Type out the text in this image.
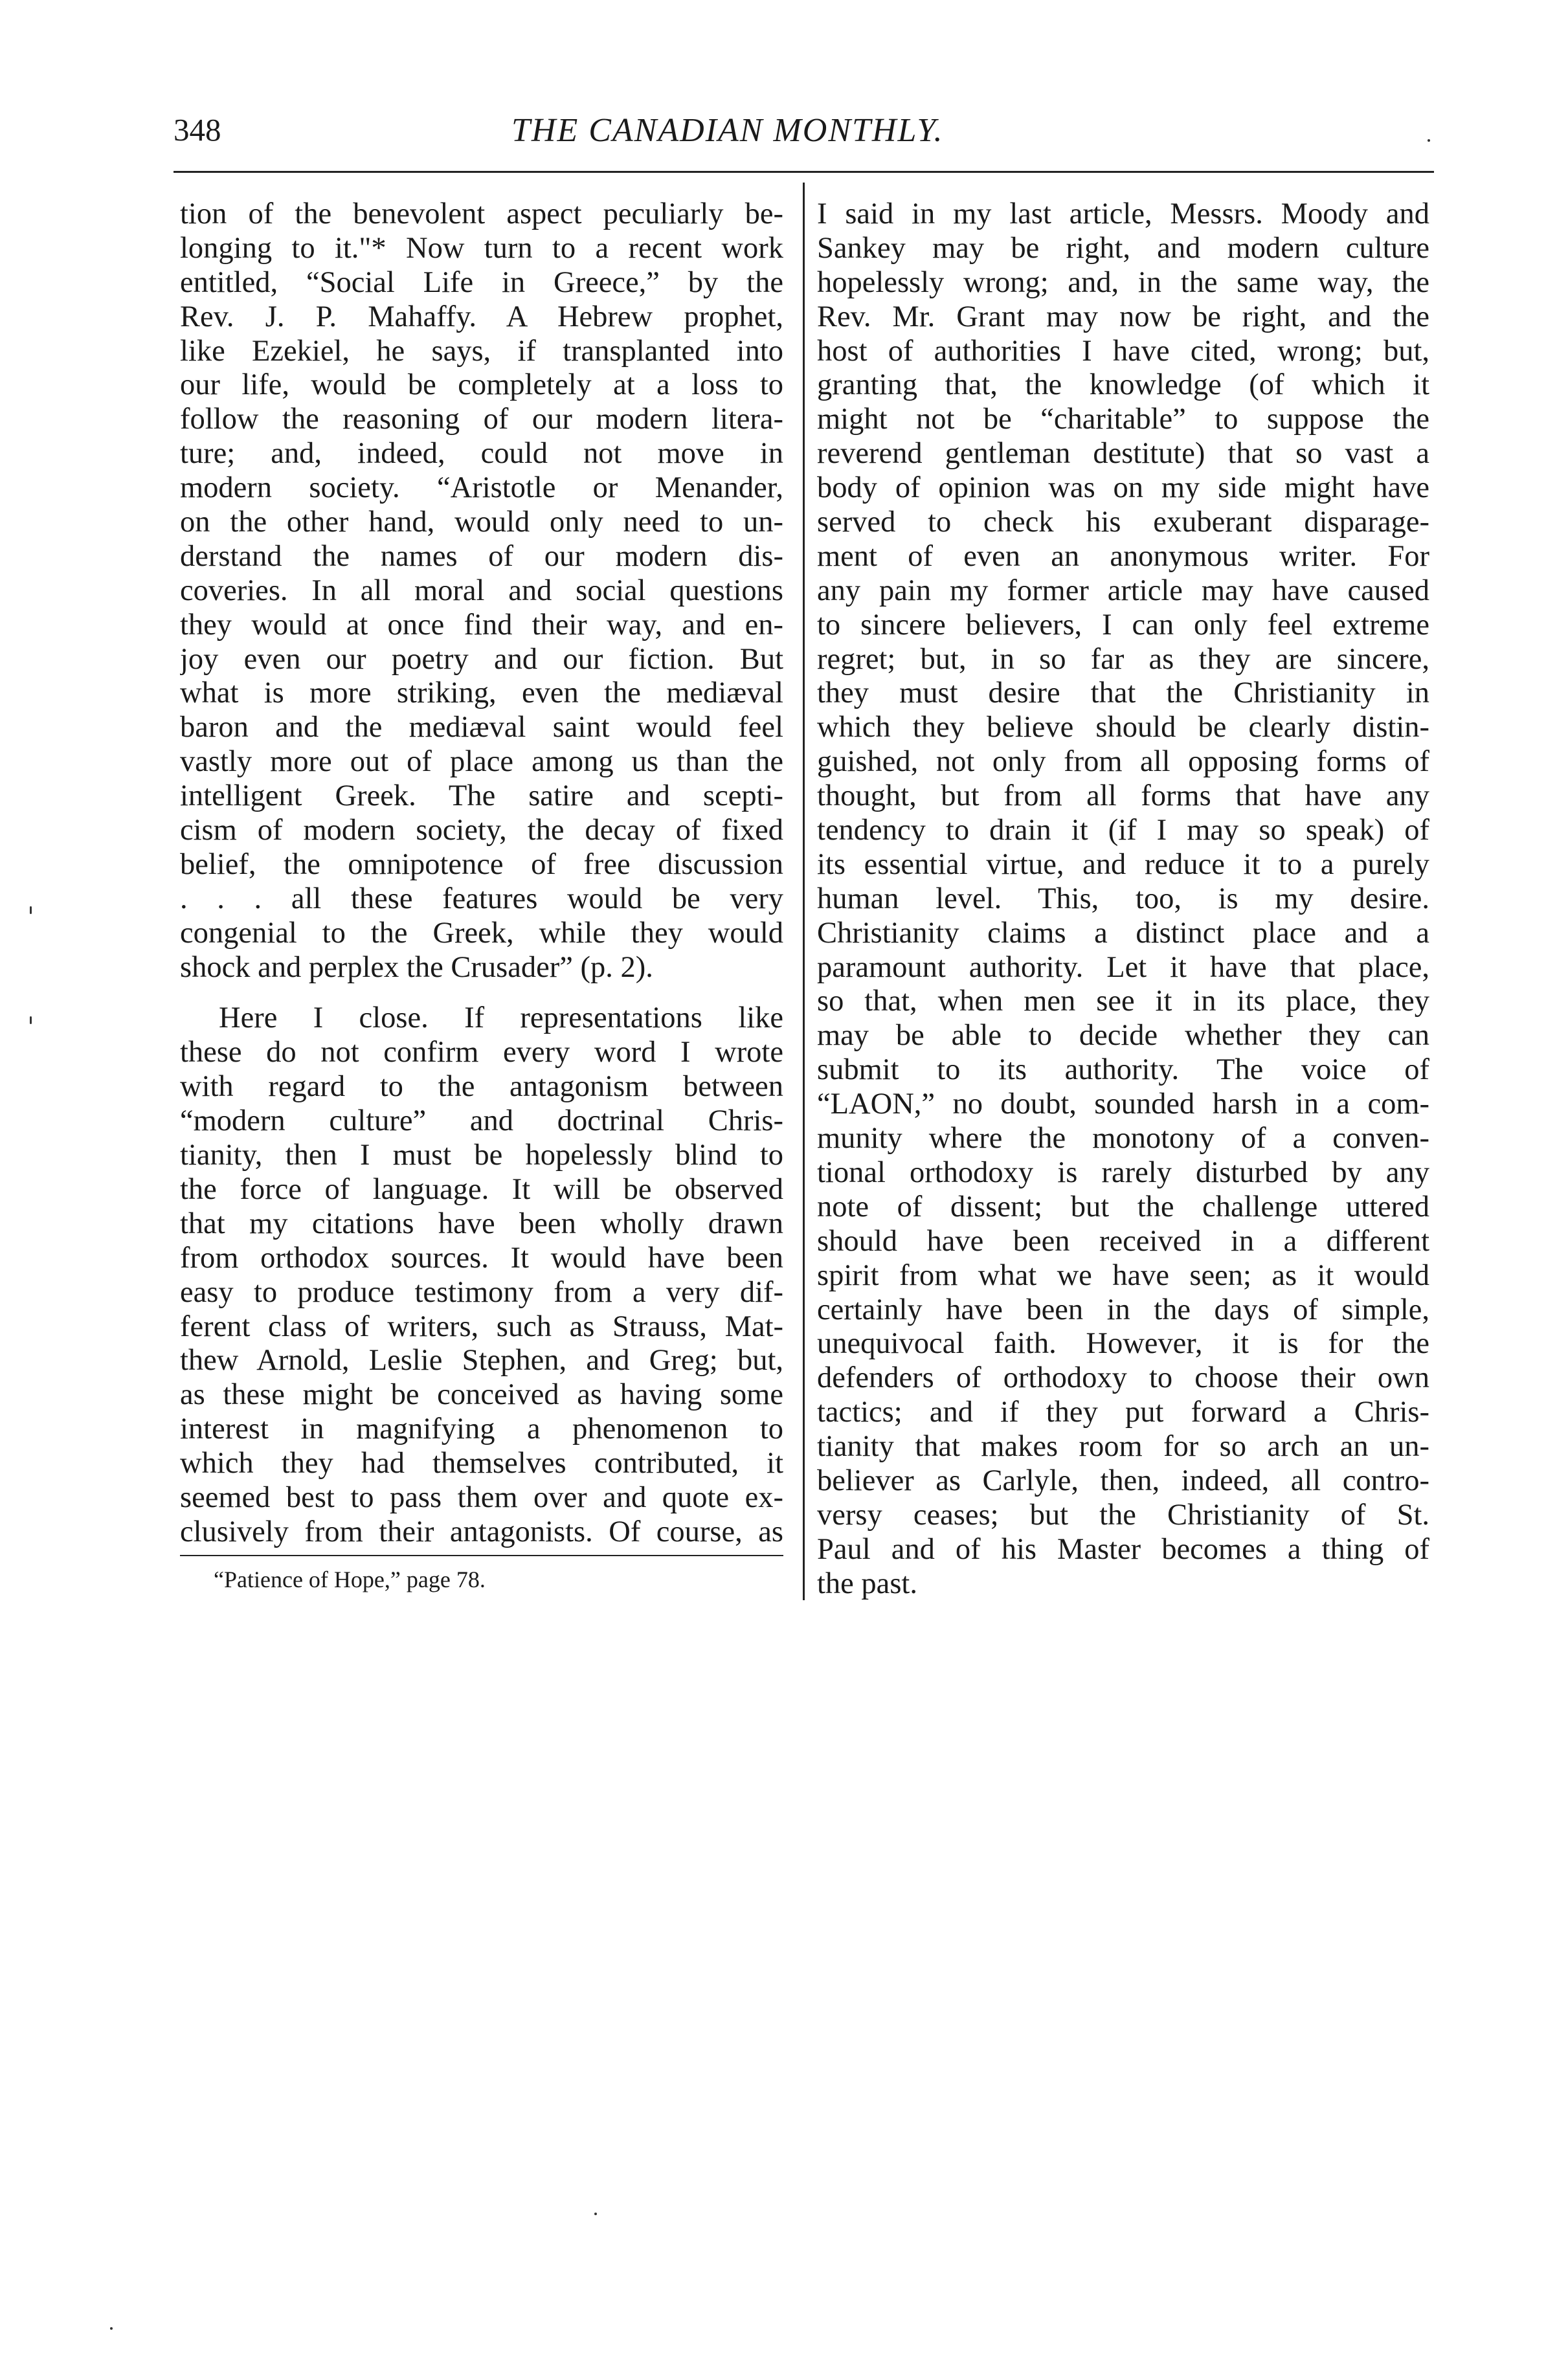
348	THE CANADIAN MONTHLY.
tion of the benevolent aspect peculiarly be-
longing to it."* Now turn to a recent work
entitled, “Social Life in Greece,” by the
Rev. J. P. Mahaffy. A Hebrew prophet,
like Ezekiel, he says, if transplanted into
our life, would be completely at a loss to
follow the reasoning of our modern litera-
ture; and, indeed, could not move in
modern society. “Aristotle or Menander,
on the other hand, would only need to un-
derstand the names of our modern dis-
coveries. In all moral and social questions
they would at once find their way, and en-
joy even our poetry and our fiction. But
what is more striking, even the mediæval
baron and the mediæval saint would feel
vastly more out of place among us than the
intelligent Greek. The satire and scepti-
cism of modern society, the decay of fixed
belief, the omnipotence of free discussion
. . . all these features would be very
congenial to the Greek, while they would
shock and perplex the Crusader” (p. 2).
Here I close. If representations like
these do not confirm every word I wrote
with regard to the antagonism between
“modern culture” and doctrinal Chris-
tianity, then I must be hopelessly blind to
the force of language. It will be observed
that my citations have been wholly drawn
from orthodox sources. It would have been
easy to produce testimony from a very dif-
ferent class of writers, such as Strauss, Mat-
thew Arnold, Leslie Stephen, and Greg; but,
as these might be conceived as having some
interest in magnifying a phenomenon to
which they had themselves contributed, it
seemed best to pass them over and quote ex-
clusively from their antagonists. Of course, as
I said in my last article, Messrs. Moody and
Sankey may be right, and modern culture
hopelessly wrong; and, in the same way, the
Rev. Mr. Grant may now be right, and the
host of authorities I have cited, wrong; but,
granting that, the knowledge (of which it
might not be “charitable” to suppose the
reverend gentleman destitute) that so vast a
body of opinion was on my side might have
served to check his exuberant disparage-
ment of even an anonymous writer. For
any pain my former article may have caused
to sincere believers, I can only feel extreme
regret; but, in so far as they are sincere,
they must desire that the Christianity in
which they believe should be clearly distin-
guished, not only from all opposing forms of
thought, but from all forms that have any
tendency to drain it (if I may so speak) of
its essential virtue, and reduce it to a purely
human level. This, too, is my desire.
Christianity claims a distinct place and a
paramount authority. Let it have that place,
so that, when men see it in its place, they
may be able to decide whether they can
submit to its authority. The voice of
“LAON,” no doubt, sounded harsh in a com-
munity where the monotony of a conven-
tional orthodoxy is rarely disturbed by any
note of dissent; but the challenge uttered
should have been received in a different
spirit from what we have seen; as it would
certainly have been in the days of simple,
unequivocal faith. However, it is for the
defenders of orthodoxy to choose their own
tactics; and if they put forward a Chris-
tianity that makes room for so arch an un-
believer as Carlyle, then, indeed, all contro-
versy ceases; but the Christianity of St.
Paul and of his Master becomes a thing of
the past.
“Patience of Hope,” page 78.
